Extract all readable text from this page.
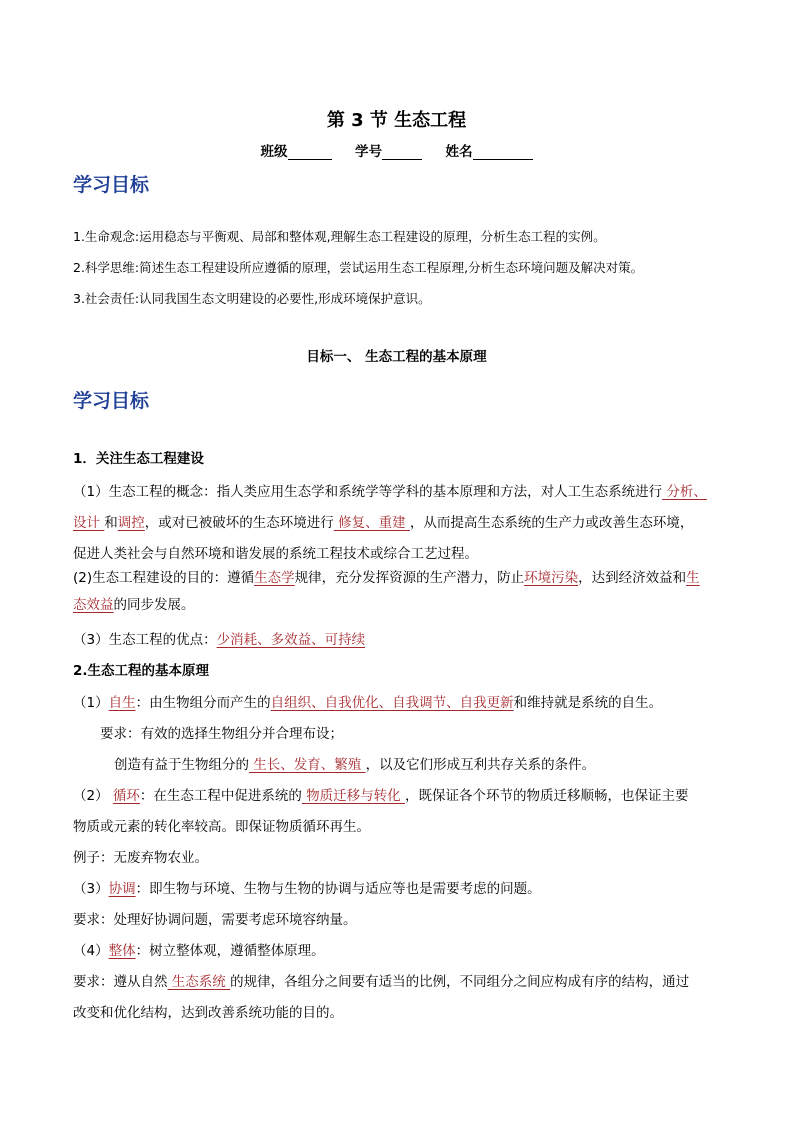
第 3 节 生态工程
班级	学号	姓名
学习目标
1.生命观念:运用稳态与平衡观、局部和整体观,理解生态工程建设的原理，分析生态工程的实例。
2.科学思维:简述生态工程建设所应遵循的原理，尝试运用生态工程原理,分析生态环境问题及解决对策。
3.社会责任:认同我国生态文明建设的必要性,形成环境保护意识。
目标一、 生态工程的基本原理
学习目标
1．关注生态工程建设
（1）生态工程的概念：指人类应用生态学和系统学等学科的基本原理和方法，对人工生态系统进行 分析、
设计 和调控，或对已被破坏的生态环境进行 修复、重建 ，从而提高生态系统的生产力或改善生态环境，
促进人类社会与自然环境和谐发展的系统工程技术或综合工艺过程。
(2)生态工程建设的目的：遵循生态学规律，充分发挥资源的生产潜力，防止环境污染，达到经济效益和生
态效益的同步发展。
（3）生态工程的优点：少消耗、多效益、可持续
2.生态工程的基本原理
（1）自生：由生物组分而产生的自组织、自我优化、自我调节、自我更新和维持就是系统的自生。
要求：有效的选择生物组分并合理布设；
创造有益于生物组分的 生长、发育、繁殖 ，以及它们形成互利共存关系的条件。
（2） 循环：在生态工程中促进系统的 物质迁移与转化 ，既保证各个环节的物质迁移顺畅，也保证主要
物质或元素的转化率较高。即保证物质循环再生。
例子：无废弃物农业。
（3）协调：即生物与环境、生物与生物的协调与适应等也是需要考虑的问题。
要求：处理好协调问题，需要考虑环境容纳量。
（4）整体：树立整体观，遵循整体原理。
要求：遵从自然 生态系统 的规律，各组分之间要有适当的比例，不同组分之间应构成有序的结构，通过
改变和优化结构，达到改善系统功能的目的。
